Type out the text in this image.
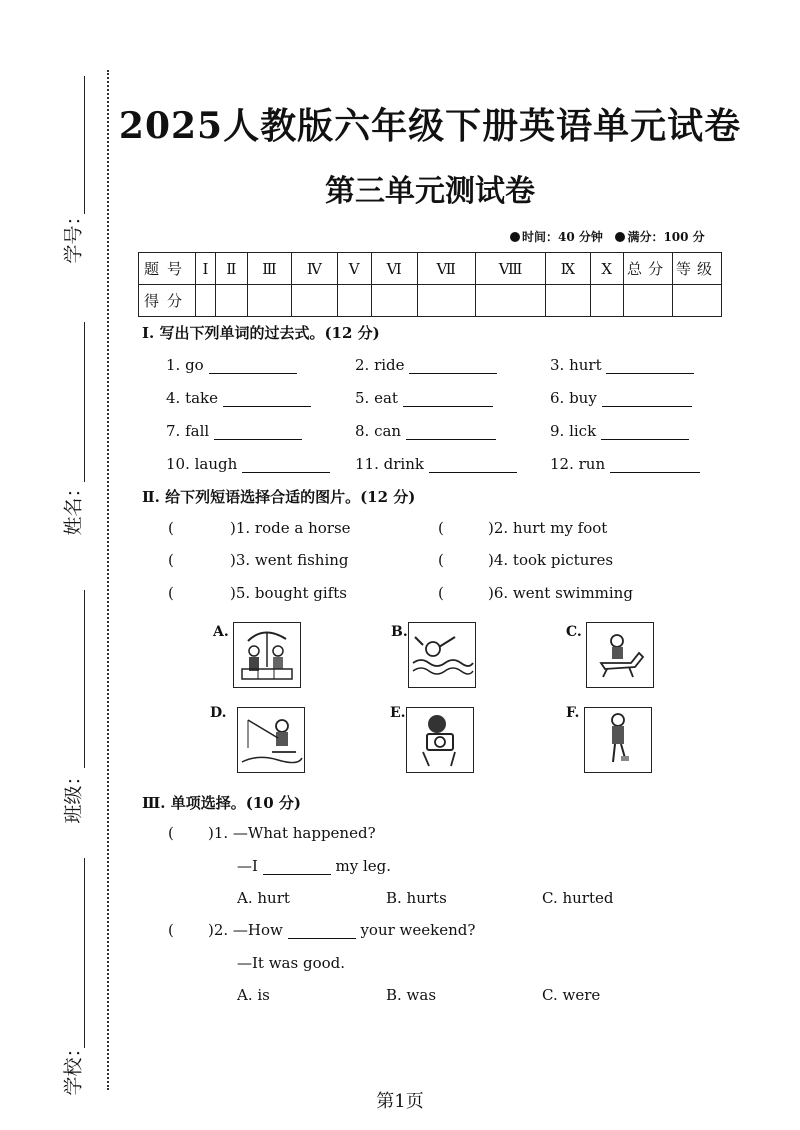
学号：
姓名：
班级：
学校：
2025人教版六年级下册英语单元试卷
第三单元测试卷
时间：40 分钟 满分：100 分
题号	Ⅰ	Ⅱ	Ⅲ	Ⅳ	Ⅴ	Ⅵ	Ⅶ	Ⅷ	Ⅸ	Ⅹ	总分	等级
得分												
Ⅰ. 写出下列单词的过去式。(12 分)
1. go	2. ride	3. hurt
4. take	5. eat	6. buy
7. fall	8. can	9. lick
10. laugh	11. drink	12. run
Ⅱ. 给下列短语选择合适的图片。(12 分)
(	)1. rode a horse	(	)2. hurt my foot
(	)3. went fishing	(	)4. took pictures
(	)5. bought gifts	(	)6. went swimming
A.	B.	C.
D.	E.	F.
Ⅲ. 单项选择。(10 分)
( )1. —What happened?
—I	my leg.
A. hurt	B. hurts	C. hurted
( )2. —How	your weekend?
—It was good.
A. is	B. was	C. were
第1页
